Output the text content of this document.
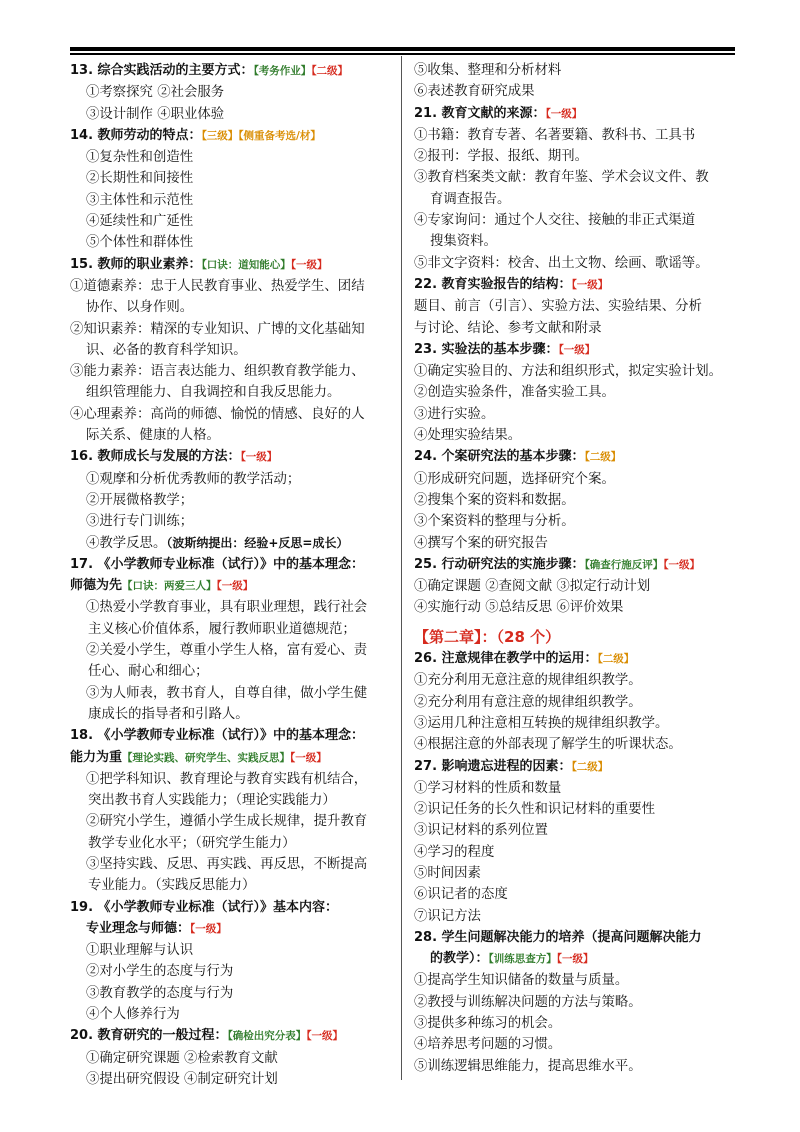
13. 综合实践活动的主要方式：【考务作业】【二级】

①考察探究 ②社会服务

③设计制作 ④职业体验

14. 教师劳动的特点：【三级】【侧重备考选/材】

①复杂性和创造性

②长期性和间接性

③主体性和示范性

④延续性和广延性

⑤个体性和群体性

15. 教师的职业素养：【口诀：道知能心】【一级】

①道德素养：忠于人民教育事业、热爱学生、团结

协作、以身作则。

②知识素养：精深的专业知识、广博的文化基础知

识、必备的教育科学知识。

③能力素养：语言表达能力、组织教育教学能力、

组织管理能力、自我调控和自我反思能力。

④心理素养：高尚的师德、愉悦的情感、良好的人

际关系、健康的人格。

16. 教师成长与发展的方法：【一级】

①观摩和分析优秀教师的教学活动；

②开展微格教学；

③进行专门训练；

④教学反思。（波斯纳提出：经验+反思=成长）

17. 《小学教师专业标准（试行）》中的基本理念：

师德为先【口诀：两爱三人】【一级】

①热爱小学教育事业，具有职业理想，践行社会

主义核心价值体系，履行教师职业道德规范；

②关爱小学生，尊重小学生人格，富有爱心、责

任心、耐心和细心；

③为人师表，教书育人，自尊自律，做小学生健

康成长的指导者和引路人。

18. 《小学教师专业标准（试行）》中的基本理念：

能力为重【理论实践、研究学生、实践反思】【一级】

①把学科知识、教育理论与教育实践有机结合，

突出教书育人实践能力；（理论实践能力）

②研究小学生，遵循小学生成长规律，提升教育

教学专业化水平；（研究学生能力）

③坚持实践、反思、再实践、再反思，不断提高

专业能力。（实践反思能力）

19. 《小学教师专业标准（试行）》基本内容：

专业理念与师德：【一级】

①职业理解与认识

②对小学生的态度与行为

③教育教学的态度与行为

④个人修养行为

20. 教育研究的一般过程：【确检出究分表】【一级】

①确定研究课题 ②检索教育文献

③提出研究假设 ④制定研究计划

⑤收集、整理和分析材料

⑥表述教育研究成果

21. 教育文献的来源：【一级】

①书籍：教育专著、名著要籍、教科书、工具书

②报刊：学报、报纸、期刊。

③教育档案类文献：教育年鉴、学术会议文件、教

育调查报告。

④专家询问：通过个人交往、接触的非正式渠道

搜集资料。

⑤非文字资料：校舍、出土文物、绘画、歌谣等。

22. 教育实验报告的结构：【一级】

题目、前言（引言）、实验方法、实验结果、分析

与讨论、结论、参考文献和附录

23. 实验法的基本步骤：【一级】

①确定实验目的、方法和组织形式，拟定实验计划。

②创造实验条件，准备实验工具。

③进行实验。

④处理实验结果。

24. 个案研究法的基本步骤：【二级】

①形成研究问题，选择研究个案。

②搜集个案的资料和数据。

③个案资料的整理与分析。

④撰写个案的研究报告

25. 行动研究法的实施步骤：【确查行施反评】【一级】

①确定课题 ②查阅文献 ③拟定行动计划

④实施行动 ⑤总结反思 ⑥评价效果

【第二章】：（28 个）

26. 注意规律在教学中的运用：【二级】

①充分利用无意注意的规律组织教学。

②充分利用有意注意的规律组织教学。

③运用几种注意相互转换的规律组织教学。

④根据注意的外部表现了解学生的听课状态。

27. 影响遗忘进程的因素：【二级】

①学习材料的性质和数量

②识记任务的长久性和识记材料的重要性

③识记材料的系列位置

④学习的程度

⑤时间因素

⑥识记者的态度

⑦识记方法

28. 学生问题解决能力的培养（提高问题解决能力

的教学）：【训练思查方】【一级】

①提高学生知识储备的数量与质量。

②教授与训练解决问题的方法与策略。

③提供多种练习的机会。

④培养思考问题的习惯。

⑤训练逻辑思维能力，提高思维水平。
